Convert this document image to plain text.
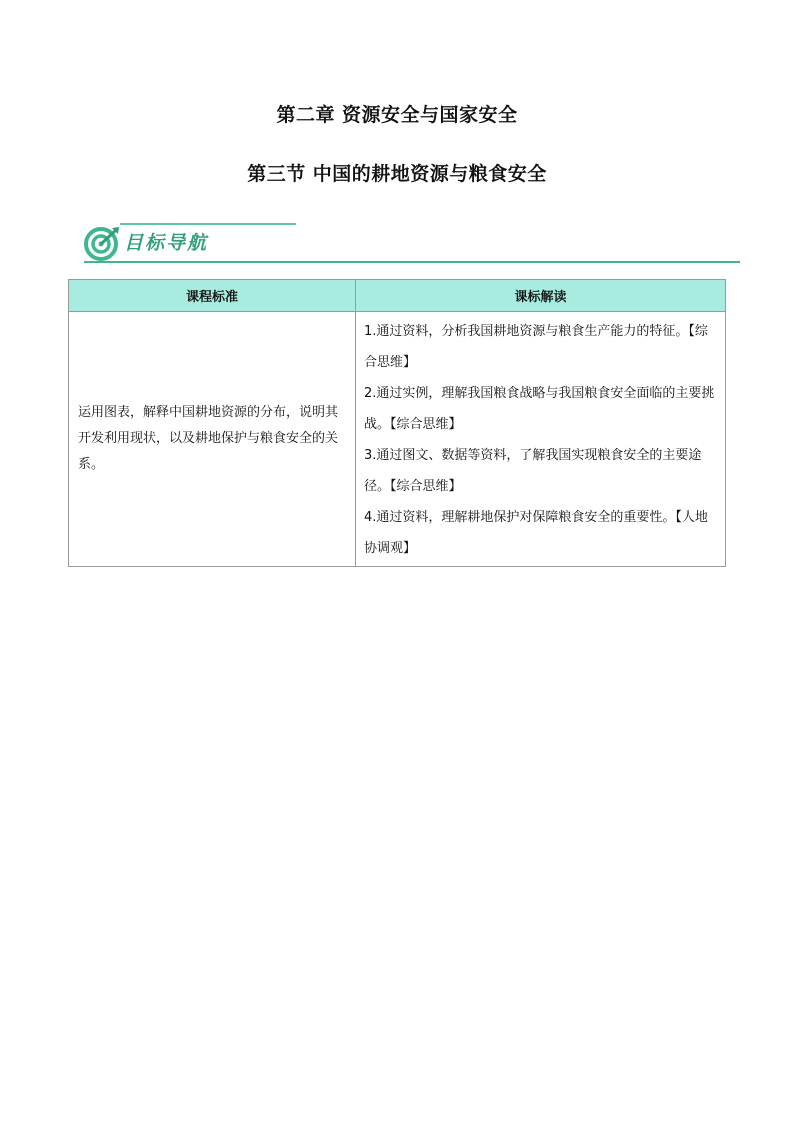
第二章 资源安全与国家安全
第三节 中国的耕地资源与粮食安全
目标导航
课程标准	课标解读

运用图表，解释中国耕地资源的分布，说明其开发利用现状，以及耕地保护与粮食安全的关系。	1.通过资料，分析我国耕地资源与粮食生产能力的特征。【综合思维】

2.通过实例，理解我国粮食战略与我国粮食安全面临的主要挑战。【综合思维】

3.通过图文、数据等资料，了解我国实现粮食安全的主要途径。【综合思维】

4.通过资料，理解耕地保护对保障粮食安全的重要性。【人地协调观】
